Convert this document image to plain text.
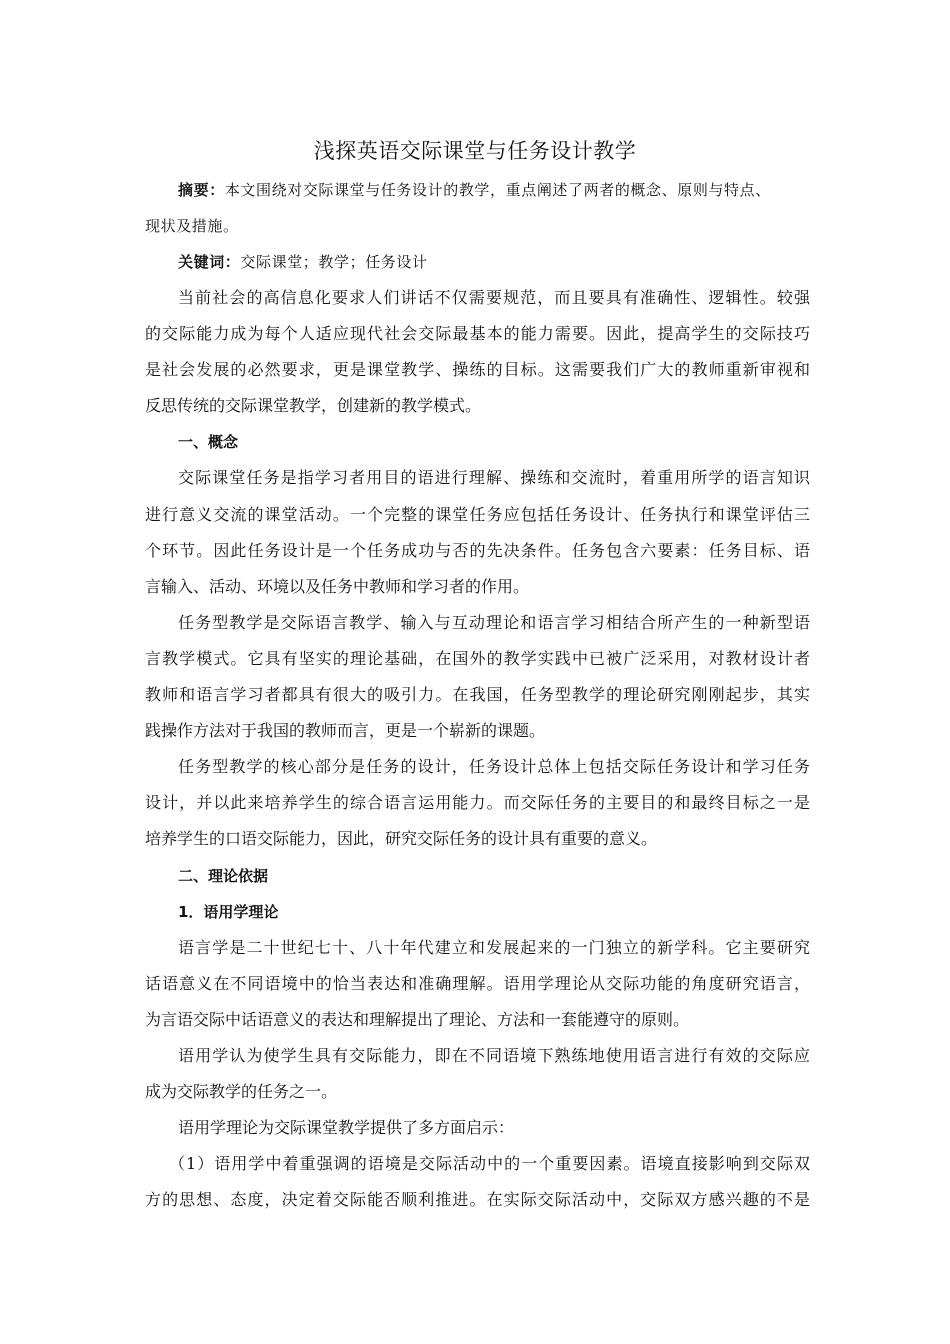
浅探英语交际课堂与任务设计教学
摘要：本文围绕对交际课堂与任务设计的教学，重点阐述了两者的概念、原则与特点、
现状及措施。
关键词：交际课堂；教学；任务设计
当前社会的高信息化要求人们讲话不仅需要规范，而且要具有准确性、逻辑性。较强
的交际能力成为每个人适应现代社会交际最基本的能力需要。因此，提高学生的交际技巧
是社会发展的必然要求，更是课堂教学、操练的目标。这需要我们广大的教师重新审视和
反思传统的交际课堂教学，创建新的教学模式。
一、概念
交际课堂任务是指学习者用目的语进行理解、操练和交流时，着重用所学的语言知识
进行意义交流的课堂活动。一个完整的课堂任务应包括任务设计、任务执行和课堂评估三
个环节。因此任务设计是一个任务成功与否的先决条件。任务包含六要素：任务目标、语
言输入、活动、环境以及任务中教师和学习者的作用。
任务型教学是交际语言教学、输入与互动理论和语言学习相结合所产生的一种新型语
言教学模式。它具有坚实的理论基础，在国外的教学实践中已被广泛采用，对教材设计者
教师和语言学习者都具有很大的吸引力。在我国，任务型教学的理论研究刚刚起步，其实
践操作方法对于我国的教师而言，更是一个崭新的课题。
任务型教学的核心部分是任务的设计，任务设计总体上包括交际任务设计和学习任务
设计，并以此来培养学生的综合语言运用能力。而交际任务的主要目的和最终目标之一是
培养学生的口语交际能力，因此，研究交际任务的设计具有重要的意义。
二、理论依据
1．语用学理论
语言学是二十世纪七十、八十年代建立和发展起来的一门独立的新学科。它主要研究
话语意义在不同语境中的恰当表达和准确理解。语用学理论从交际功能的角度研究语言，
为言语交际中话语意义的表达和理解提出了理论、方法和一套能遵守的原则。
语用学认为使学生具有交际能力，即在不同语境下熟练地使用语言进行有效的交际应
成为交际教学的任务之一。
语用学理论为交际课堂教学提供了多方面启示：
（1）语用学中着重强调的语境是交际活动中的一个重要因素。语境直接影响到交际双
方的思想、态度，决定着交际能否顺利推进。在实际交际活动中，交际双方感兴趣的不是
